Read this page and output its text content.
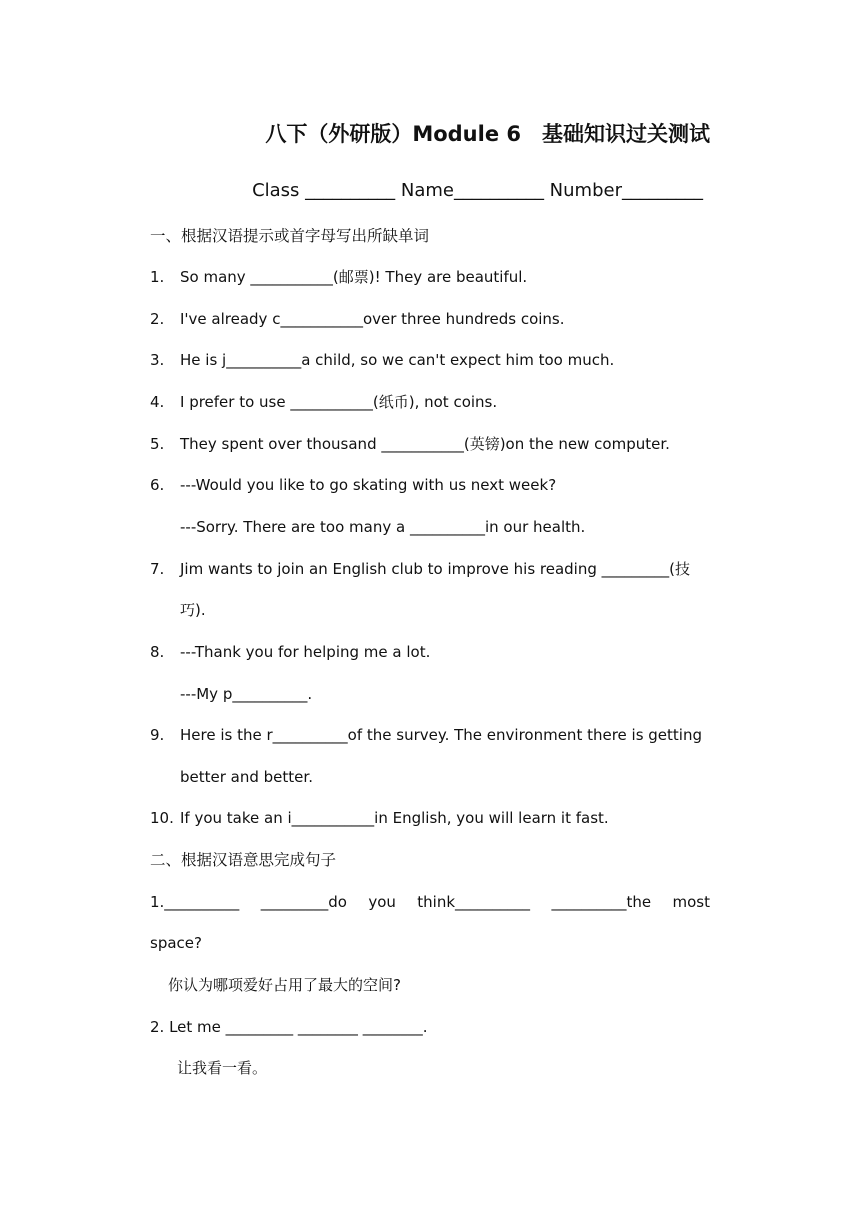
八下（外研版）Module 6　基础知识过关测试
Class __________ Name__________ Number_________
一、根据汉语提示或首字母写出所缺单词
1. So many ___________(邮票)! They are beautiful.
2. I've already c___________over three hundreds coins.
3. He is j__________a child, so we can't expect him too much.
4. I prefer to use ___________(纸币), not coins.
5. They spent over thousand ___________(英镑)on the new computer.
6. ---Would you like to go skating with us next week?
---Sorry. There are too many a __________in our health.
7. Jim wants to join an English club to improve his reading _________(技
巧).
8. ---Thank you for helping me a lot.
---My p__________.
9. Here is the r__________of the survey. The environment there is getting
better and better.
10. If you take an i___________in English, you will learn it fast.
二、根据汉语意思完成句子
1.__________ _________do you think__________ __________the most
space?
你认为哪项爱好占用了最大的空间?
2. Let me _________ ________ ________.
让我看一看。
